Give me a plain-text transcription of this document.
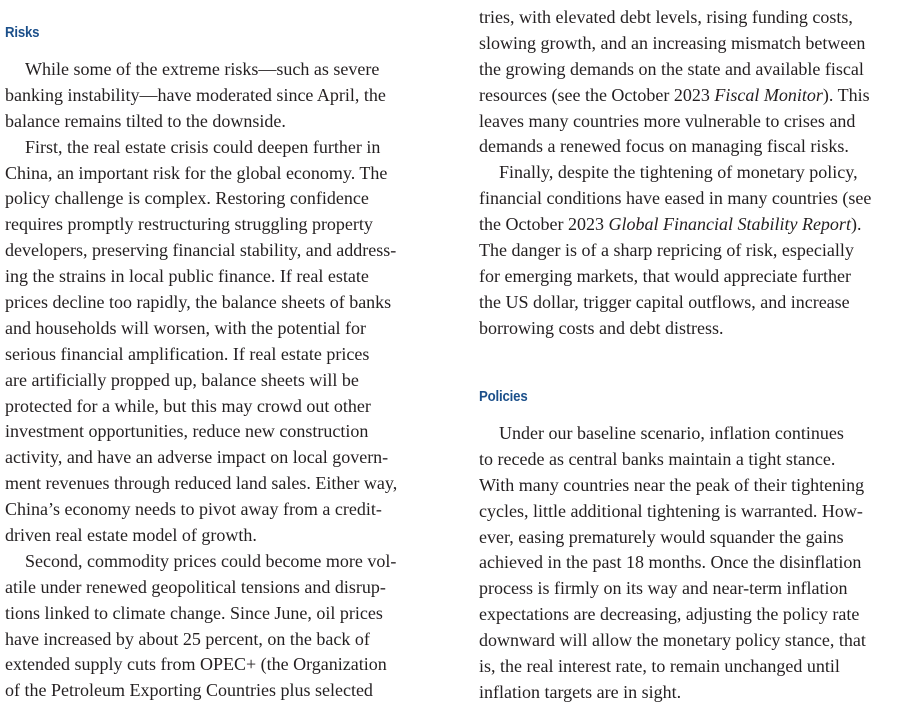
Risks
While some of the extreme risks—such as severe
banking instability—have moderated since April, the
balance remains tilted to the downside.
First, the real estate crisis could deepen further in
China, an important risk for the global economy. The
policy challenge is complex. Restoring confidence
requires promptly restructuring struggling property
developers, preserving financial stability, and address-
ing the strains in local public finance. If real estate
prices decline too rapidly, the balance sheets of banks
and households will worsen, with the potential for
serious financial amplification. If real estate prices
are artificially propped up, balance sheets will be
protected for a while, but this may crowd out other
investment opportunities, reduce new construction
activity, and have an adverse impact on local govern-
ment revenues through reduced land sales. Either way,
China’s economy needs to pivot away from a credit-
driven real estate model of growth.
Second, commodity prices could become more vol-
atile under renewed geopolitical tensions and disrup-
tions linked to climate change. Since June, oil prices
have increased by about 25 percent, on the back of
extended supply cuts from OPEC+ (the Organization
of the Petroleum Exporting Countries plus selected
tries, with elevated debt levels, rising funding costs,
slowing growth, and an increasing mismatch between
the growing demands on the state and available fiscal
resources (see the October 2023 Fiscal Monitor). This
leaves many countries more vulnerable to crises and
demands a renewed focus on managing fiscal risks.
Finally, despite the tightening of monetary policy,
financial conditions have eased in many countries (see
the October 2023 Global Financial Stability Report).
The danger is of a sharp repricing of risk, especially
for emerging markets, that would appreciate further
the US dollar, trigger capital outflows, and increase
borrowing costs and debt distress.
Policies
Under our baseline scenario, inflation continues
to recede as central banks maintain a tight stance.
With many countries near the peak of their tightening
cycles, little additional tightening is warranted. How-
ever, easing prematurely would squander the gains
achieved in the past 18 months. Once the disinflation
process is firmly on its way and near-term inflation
expectations are decreasing, adjusting the policy rate
downward will allow the monetary policy stance, that
is, the real interest rate, to remain unchanged until
inflation targets are in sight.
